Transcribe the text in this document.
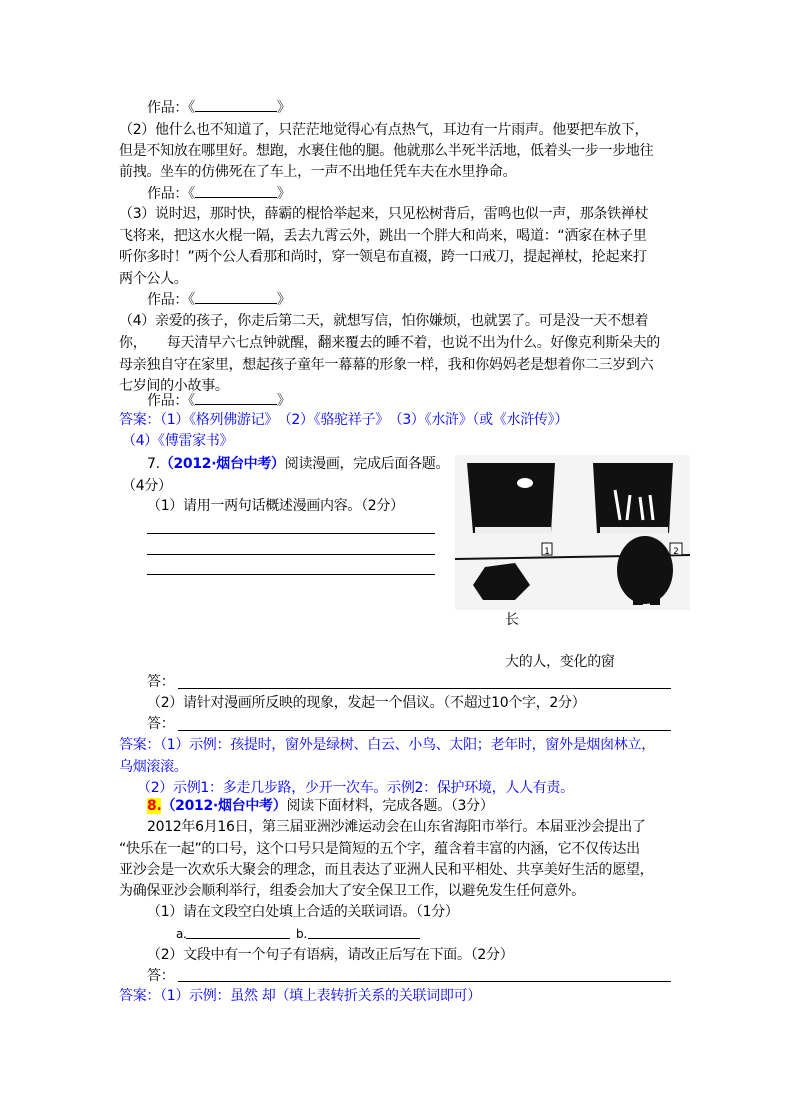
作品：《	》
（2）他什么也不知道了，只茫茫地觉得心有点热气，耳边有一片雨声。他要把车放下，
但是不知放在哪里好。想跑，水裹住他的腿。他就那么半死半活地，低着头一步一步地往
前拽。坐车的仿佛死在了车上，一声不出地任凭车夫在水里挣命。
作品：《	》
（3）说时迟，那时快，薛霸的棍恰举起来，只见松树背后，雷鸣也似一声，那条铁禅杖
飞将来，把这水火棍一隔，丢去九霄云外，跳出一个胖大和尚来，喝道：“洒家在林子里
听你多时！”两个公人看那和尚时，穿一领皂布直裰，跨一口戒刀，提起禅杖，抡起来打
两个公人。
作品：《	》
（4）亲爱的孩子，你走后第二天，就想写信，怕你嫌烦，也就罢了。可是没一天不想着
你，　　每天清早六七点钟就醒，翻来覆去的睡不着，也说不出为什么。好像克利斯朵夫的
母亲独自守在家里，想起孩子童年一幕幕的形象一样，我和你妈妈老是想着你二三岁到六
七岁间的小故事。
作品：《	》
答案：（1）《格列佛游记》　（2）《骆驼祥子》　（3）《水浒》（或《水浒传》）
（4）《傅雷家书》
7.（2012·烟台中考）阅读漫画，完成后面各题。
（4分）
（1）请用一两句话概述漫画内容。（2分）
1	2
长
大的人，变化的窗
答：
（2）请针对漫画所反映的现象，发起一个倡议。（不超过10个字，2分）
答：
答案：（1）示例：孩提时，窗外是绿树、白云、小鸟、太阳；老年时，窗外是烟囱林立，
乌烟滚滚。
（2）示例1：多走几步路，少开一次车。示例2：保护环境，人人有责。
8.（2012·烟台中考）阅读下面材料，完成各题。（3分）
2012年6月16日，第三届亚洲沙滩运动会在山东省海阳市举行。本届亚沙会提出了
“快乐在一起”的口号，这个口号只是简短的五个字，蕴含着丰富的内涵，它不仅传达出
亚沙会是一次欢乐大聚会的理念，而且表达了亚洲人民和平相处、共享美好生活的愿望，
为确保亚沙会顺利举行，组委会加大了安全保卫工作，以避免发生任何意外。
（1）请在文段空白处填上合适的关联词语。（1分）
a.	b.
（2）文段中有一个句子有语病，请改正后写在下面。（2分）
答：
答案：（1）示例：虽然 却（填上表转折关系的关联词即可）
